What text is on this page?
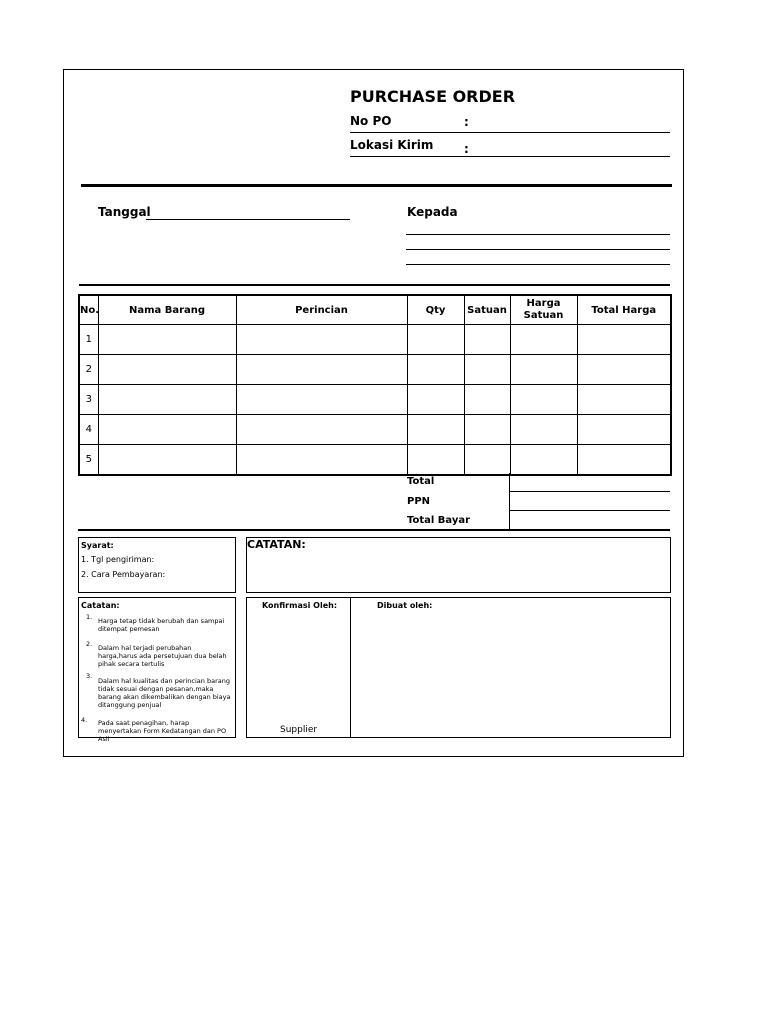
PURCHASE ORDER
No PO	:
Lokasi Kirim	:
Tanggal	Kepada
No.	Nama Barang	Perincian	Qty	Satuan	Harga Satuan	Total Harga
1						
2						
3						
4						
5						
Total
PPN
Total Bayar
Syarat:
1. Tgl pengiriman:
2. Cara Pembayaran:
CATATAN:
Catatan:
1. Harga tetap tidak berubah dan sampai ditempat pemesan
2. Dalam hal terjadi perubahan harga,harus ada persetujuan dua belah pihak secara tertulis
3.
Dalam hal kualitas dan perincian barang tidak sesuai dengan pesanan,maka barang akan dikembalikan dengan biaya ditanggung penjual
4. Pada saat penagihan, harap menyertakan Form Kedatangan dan PO Asli
Konfirmasi Oleh:
Supplier
Dibuat oleh:
